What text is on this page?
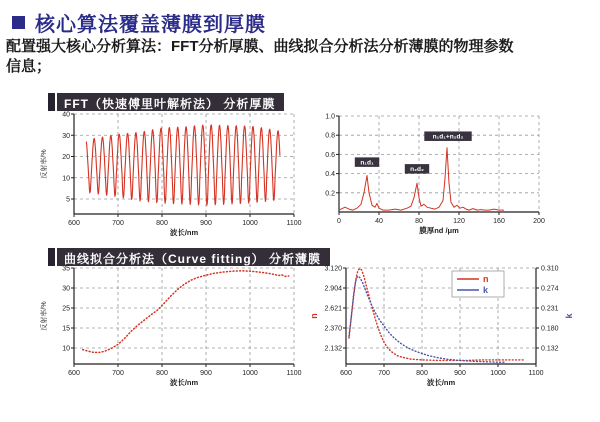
核心算法覆盖薄膜到厚膜
配置强大核心分析算法：FFT分析厚膜、曲线拟合分析法分析薄膜的物理参数
信息；
FFT（快速傅里叶解析法） 分析厚膜
40
30
20
10
5
600	700	800	900	1000	1100
波长/nm
反射率/%
1.0
0.8
0.6
0.4
0.2
0	40	80	120	160	200
膜厚nd /μm
n₁d₁
n₂d₂
n₁d₁+n₂d₂
曲线拟合分析法（Curve fitting） 分析薄膜
35
30
25
15
10
600	700	800	900	1000	1100
波长/nm
反射率/%
3.120
2.904
2.621
2.370
2.132
0.310
0.274
0.231
0.180
0.132
600	700	800	900	1000	1100
波长/nm
n	k
n
k
